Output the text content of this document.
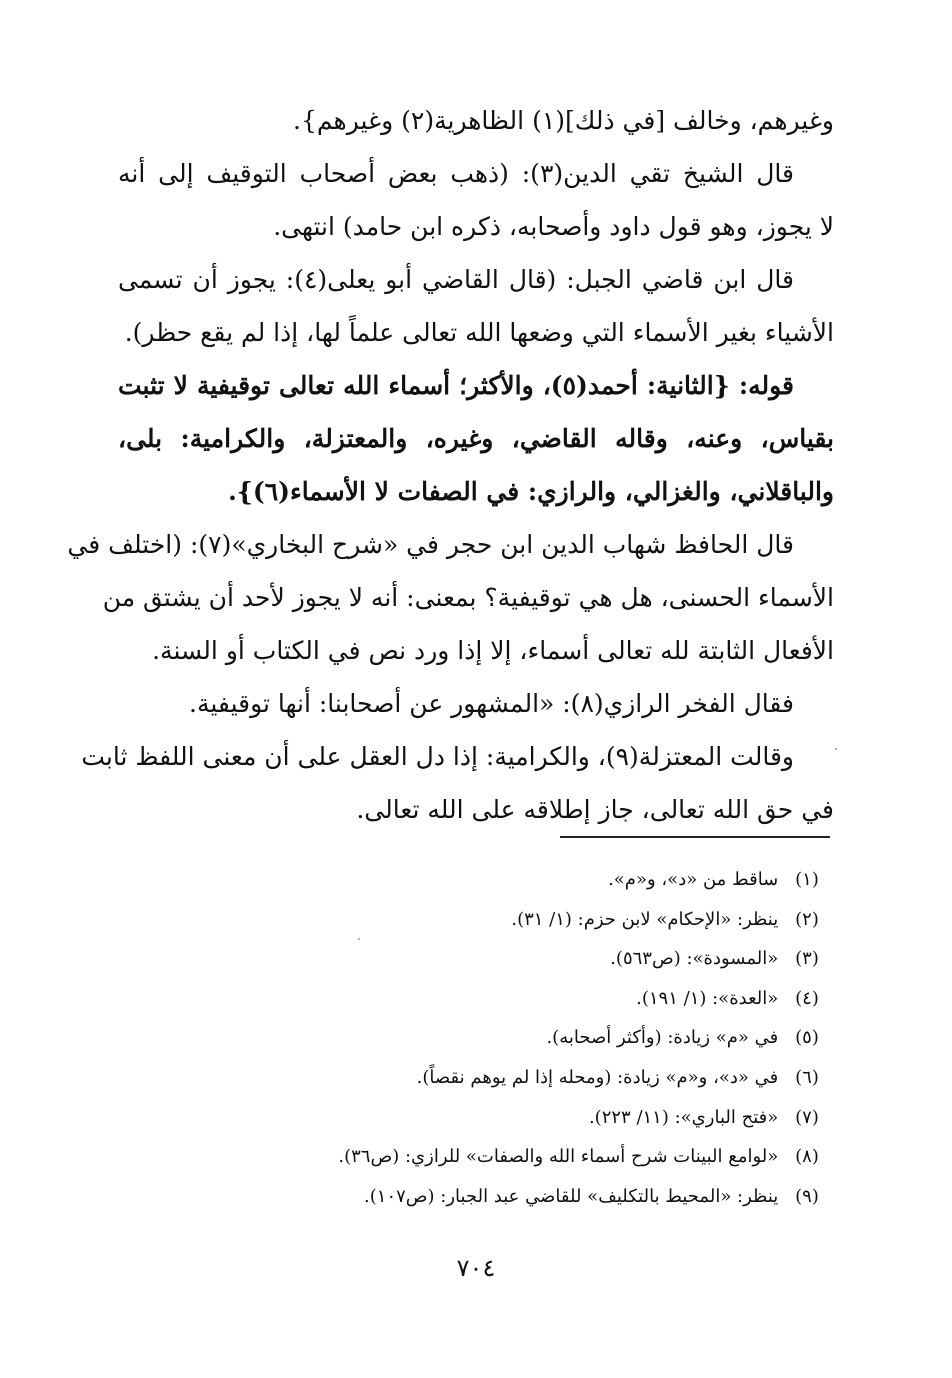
وغيرهم، وخالف [في ذلك](١) الظاهرية(٢) وغيرهم}.
قال الشيخ تقي الدين(٣): (ذهب بعض أصحاب التوقيف إلى أنه
لا يجوز، وهو قول داود وأصحابه، ذكره ابن حامد) انتهى.
قال ابن قاضي الجبل: (قال القاضي أبو يعلى(٤): يجوز أن تسمى
الأشياء بغير الأسماء التي وضعها الله تعالى علماً لها، إذا لم يقع حظر).
قوله: {الثانية: أحمد(٥)، والأكثر؛ أسماء الله تعالى توقيفية لا تثبت
بقياس، وعنه، وقاله القاضي، وغيره، والمعتزلة، والكرامية: بلى،
والباقلاني، والغزالي، والرازي: في الصفات لا الأسماء(٦)}.
قال الحافظ شهاب الدين ابن حجر في «شرح البخاري»(٧): (اختلف في
الأسماء الحسنى، هل هي توقيفية؟ بمعنى: أنه لا يجوز لأحد أن يشتق من
الأفعال الثابتة لله تعالى أسماء، إلا إذا ورد نص في الكتاب أو السنة.
فقال الفخر الرازي(٨): «المشهور عن أصحابنا: أنها توقيفية.
وقالت المعتزلة(٩)، والكرامية: إذا دل العقل على أن معنى اللفظ ثابت
في حق الله تعالى، جاز إطلاقه على الله تعالى.
(١) ساقط من «د»، و«م».
(٢) ينظر: «الإحكام» لابن حزم: (١/ ٣١).
(٣) «المسودة»: (ص٥٦٣).
(٤) «العدة»: (١/ ١٩١).
(٥) في «م» زيادة: (وأكثر أصحابه).
(٦) في «د»، و«م» زيادة: (ومحله إذا لم يوهم نقصاً).
(٧) «فتح الباري»: (١١/ ٢٢٣).
(٨) «لوامع البينات شرح أسماء الله والصفات» للرازي: (ص٣٦).
(٩) ينظر: «المحيط بالتكليف» للقاضي عبد الجبار: (ص١٠٧).
٧٠٤
